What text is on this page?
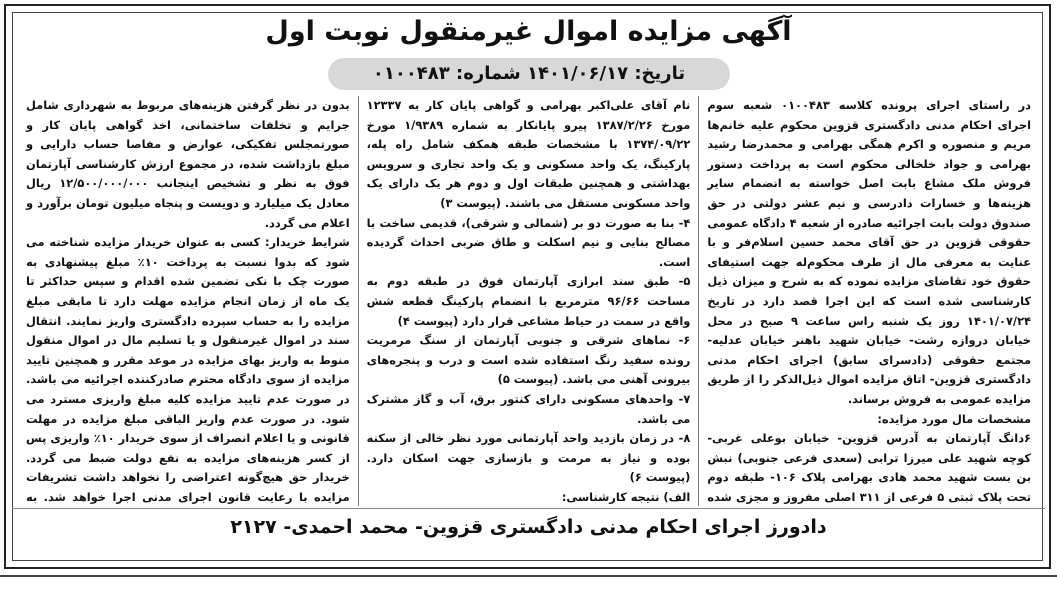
آگهی مزایده اموال غیرمنقول نوبت اول
تاریخ: ۱۴۰۱/۰۶/۱۷ شماره: ۰۱۰۰۴۸۳

در راستای اجرای پرونده کلاسه ۰۱۰۰۴۸۳ شعبه سوم اجرای احکام مدنی دادگستری قزوین محکوم علیه خانم‌ها مریم و منصوره و اکرم همگی بهرامی و محمدرضا رشید بهرامی و جواد خلخالی محکوم است به پرداخت دستور فروش ملک مشاع بابت اصل خواسته به انضمام سایر هزینه‌ها و خسارات دادرسی و نیم عشر دولتی در حق صندوق دولت بابت اجرائیه صادره از شعبه ۴ دادگاه عمومی حقوقی قزوین در حق آقای محمد حسین اسلام‌فر و با عنایت به معرفی مال از طرف محکوم‌له جهت استیفای حقوق خود تقاضای مزایده نموده که به شرح و میزان ذیل کارشناسی شده است که این اجرا قصد دارد در تاریخ ۱۴۰۱/۰۷/۲۴ روز یک شنبه راس ساعت ۹ صبح در محل خیابان دروازه رشت- خیابان شهید باهنر خیابان عدلیه- مجتمع حقوقی (دادسرای سابق) اجرای احکام مدنی دادگستری قزوین- اتاق مزایده اموال ذیل‌الذکر را از طریق مزایده عمومی به فروش برساند.

مشخصات مال مورد مزایده:

۶دانگ آپارتمان به آدرس قزوین- خیابان بوعلی غربی- کوچه شهید علی میرزا ترابی (سعدی فرعی جنوبی) نبش بن بست شهید محمد هادی بهرامی پلاک ۱۰۶- طبقه دوم تحت پلاک ثبتی ۵ فرعی از ۳۱۱ اصلی مفروز و مجزی شده

نام آقای علی‌اکبر بهرامی و گواهی پایان کار به ۱۲۳۳۷ مورخ ۱۳۸۷/۲/۲۶ پیرو پایانکار به شماره ۱/۹۳۸۹ مورخ ۱۳۷۴/۰۹/۲۲ با مشخصات طبقه همکف شامل راه پله، پارکینگ، یک واحد مسکونی و یک واحد تجاری و سرویس بهداشتی و همچنین طبقات اول و دوم هر یک دارای یک واحد مسکونی مستقل می باشند. (پیوست ۳)

۴- بنا به صورت دو بر (شمالی و شرقی)، قدیمی ساخت با مصالح بنایی و نیم اسکلت و طاق ضربی احداث گردیده است.

۵- طبق سند ابرازی آپارتمان فوق در طبقه دوم به مساحت ۹۶/۶۶ مترمربع با انضمام پارکینگ قطعه شش واقع در سمت در حیاط مشاعی قرار دارد (پیوست ۴)

۶- نماهای شرقی و جنوبی آپارتمان از سنگ مرمریت رونده سفید رنگ استفاده شده است و درب و پنجره‌های بیرونی آهنی می باشد. (پیوست ۵)

۷- واحدهای مسکونی دارای کنتور برق، آب و گاز مشترک می باشد.

۸- در زمان بازدید واحد آپارتمانی مورد نظر خالی از سکنه بوده و نیاز به مرمت و بازسازی جهت اسکان دارد. (پیوست ۶)

الف) نتیجه کارشناسی:

بدون در نظر گرفتن هزینه‌های مربوط به شهرداری شامل جرایم و تخلفات ساختمانی، اخذ گواهی پایان کار و صورتمجلس تفکیکی، عوارض و مفاصا حساب دارایی و مبلغ بازداشت شده، در مجموع ارزش کارشناسی آپارتمان فوق به نظر و تشخیص اینجانب ۱۲/۵۰۰/۰۰۰/۰۰۰ ریال معادل یک میلیارد و دویست و پنجاه میلیون تومان برآورد و اعلام می گردد.

شرایط خریدار: کسی به عنوان خریدار مزایده شناخته می شود که بدوا نسبت به پرداخت ۱۰٪ مبلغ پیشنهادی به صورت چک با نکی تضمین شده اقدام و سپس حداکثر تا یک ماه از زمان انجام مزایده مهلت دارد تا مابقی مبلغ مزایده را به حساب سپرده دادگستری واریز نمایند. انتقال سند در اموال غیرمنقول و یا تسلیم مال در اموال منقول منوط به واریز بهای مزایده در موعد مقرر و همچنین تایید مزایده از سوی دادگاه محترم صادرکننده اجرائیه می باشد. در صورت عدم تایید مزایده کلیه مبلغ واریزی مسترد می شود. در صورت عدم واریز الباقی مبلغ مزایده در مهلت قانونی و یا اعلام انصراف از سوی خریدار ۱۰٪ واریزی پس از کسر هزینه‌های مزایده به نفع دولت ضبط می گردد. خریدار حق هیچ‌گونه اعتراضی را نخواهد داشت تشریفات مزایده با رعایت قانون اجرای مدنی اجرا خواهد شد. به

دادورز اجرای احکام مدنی دادگستری قزوین- محمد احمدی- ۲۱۲۷
